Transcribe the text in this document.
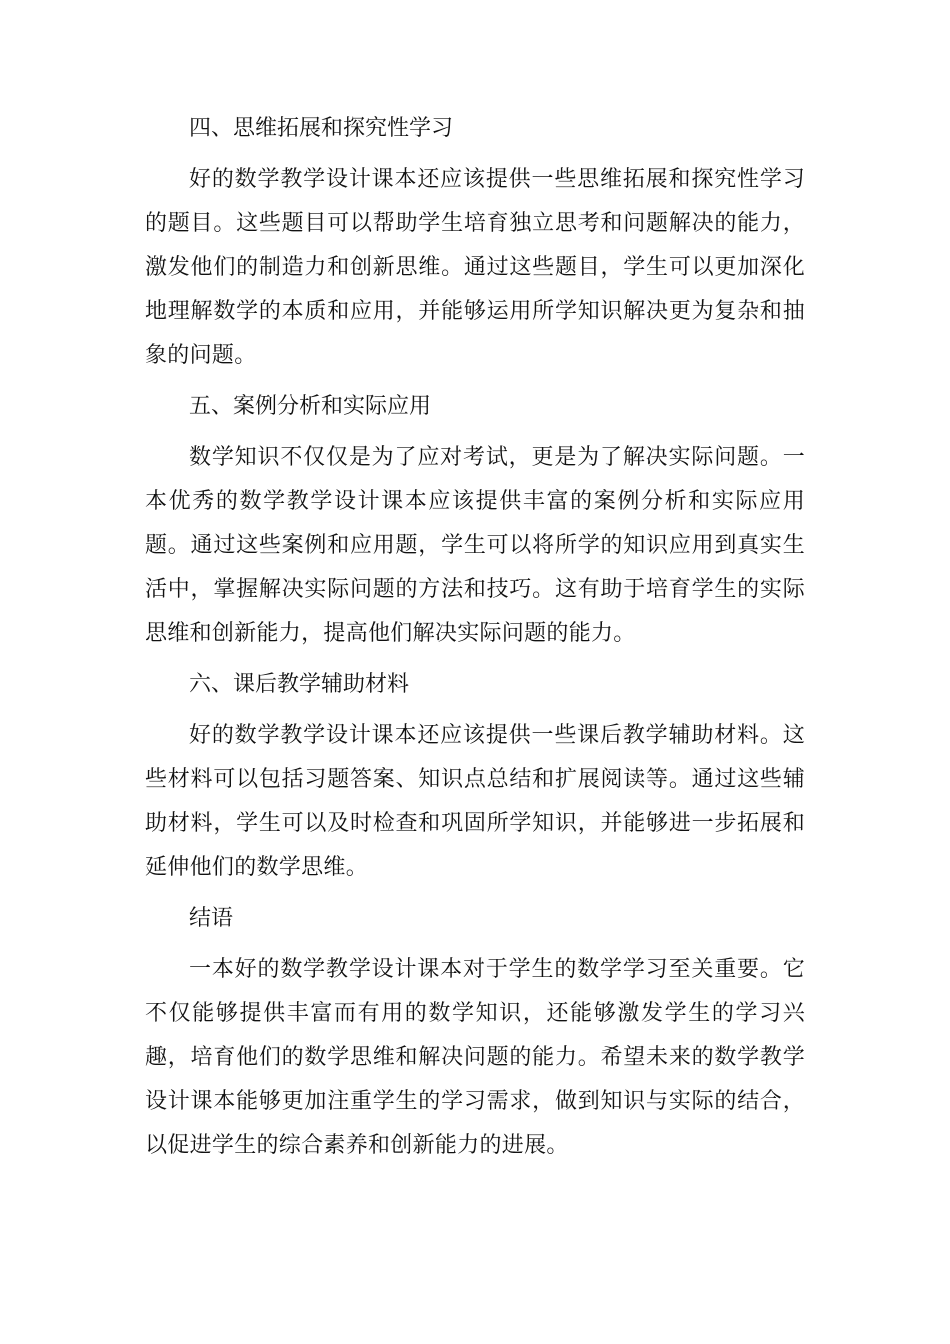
四、思维拓展和探究性学习

好的数学教学设计课本还应该提供一些思维拓展和探究性学习的题目。这些题目可以帮助学生培育独立思考和问题解决的能力，激发他们的制造力和创新思维。通过这些题目，学生可以更加深化地理解数学的本质和应用，并能够运用所学知识解决更为复杂和抽象的问题。

五、案例分析和实际应用

数学知识不仅仅是为了应对考试，更是为了解决实际问题。一本优秀的数学教学设计课本应该提供丰富的案例分析和实际应用题。通过这些案例和应用题，学生可以将所学的知识应用到真实生活中，掌握解决实际问题的方法和技巧。这有助于培育学生的实际思维和创新能力，提高他们解决实际问题的能力。

六、课后教学辅助材料

好的数学教学设计课本还应该提供一些课后教学辅助材料。这些材料可以包括习题答案、知识点总结和扩展阅读等。通过这些辅助材料，学生可以及时检查和巩固所学知识，并能够进一步拓展和延伸他们的数学思维。

结语

一本好的数学教学设计课本对于学生的数学学习至关重要。它不仅能够提供丰富而有用的数学知识，还能够激发学生的学习兴趣，培育他们的数学思维和解决问题的能力。希望未来的数学教学设计课本能够更加注重学生的学习需求，做到知识与实际的结合，以促进学生的综合素养和创新能力的进展。
